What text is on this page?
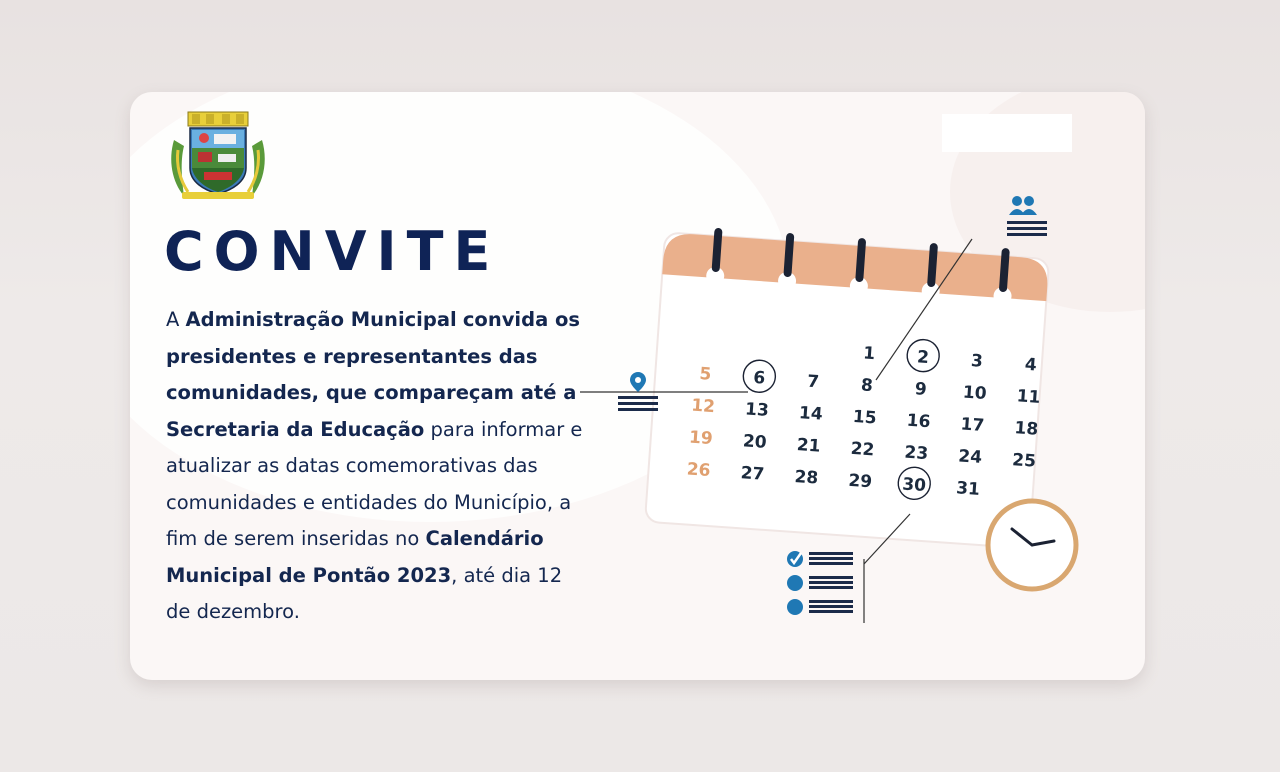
CONVITE

A Administração Municipal convida os presidentes e representantes das comunidades, que compareçam até a Secretaria da Educação para informar e atualizar as datas comemorativas das comunidades e entidades do Município, a fim de serem inseridas no Calendário Municipal de Pontão 2023, até dia 12 de dezembro.

1 2 3 4
5 6 7 8 9 10 11
12 13 14 15 16 17 18
19 20 21 22 23 24 25
26 27 28 29 30 31
